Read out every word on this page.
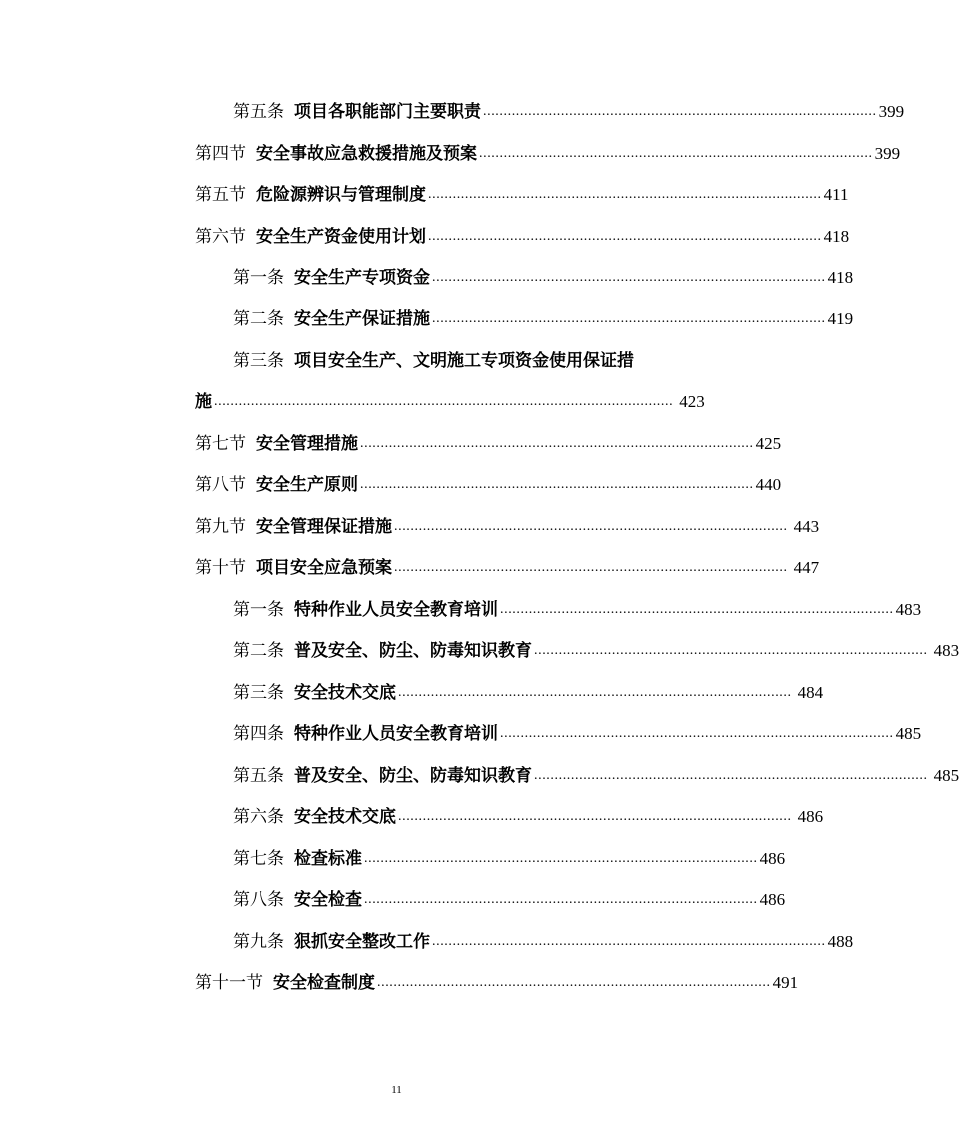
第五条 项目各职能部门主要职责 ................................................................................................ 399
第四节 安全事故应急救援措施及预案 ................................................................................................ 399
第五节 危险源辨识与管理制度 ................................................................................................ 411
第六节 安全生产资金使用计划 ................................................................................................ 418
第一条 安全生产专项资金 ................................................................................................ 418
第二条 安全生产保证措施 ................................................................................................ 419
第三条 项目安全生产、文明施工专项资金使用保证措
施 ................................................................................................................ 423
第七节 安全管理措施 ................................................................................................ 425
第八节 安全生产原则 ................................................................................................ 440
第九节 安全管理保证措施 ................................................................................................ 443
第十节 项目安全应急预案 ................................................................................................ 447
第一条 特种作业人员安全教育培训 ................................................................................................ 483
第二条 普及安全、防尘、防毒知识教育 ................................................................................................ 483
第三条 安全技术交底 ................................................................................................ 484
第四条 特种作业人员安全教育培训 ................................................................................................ 485
第五条 普及安全、防尘、防毒知识教育 ................................................................................................ 485
第六条 安全技术交底 ................................................................................................ 486
第七条 检查标准 ................................................................................................ 486
第八条 安全检查 ................................................................................................ 486
第九条 狠抓安全整改工作 ................................................................................................ 488
第十一节 安全检查制度 ................................................................................................ 491
11
